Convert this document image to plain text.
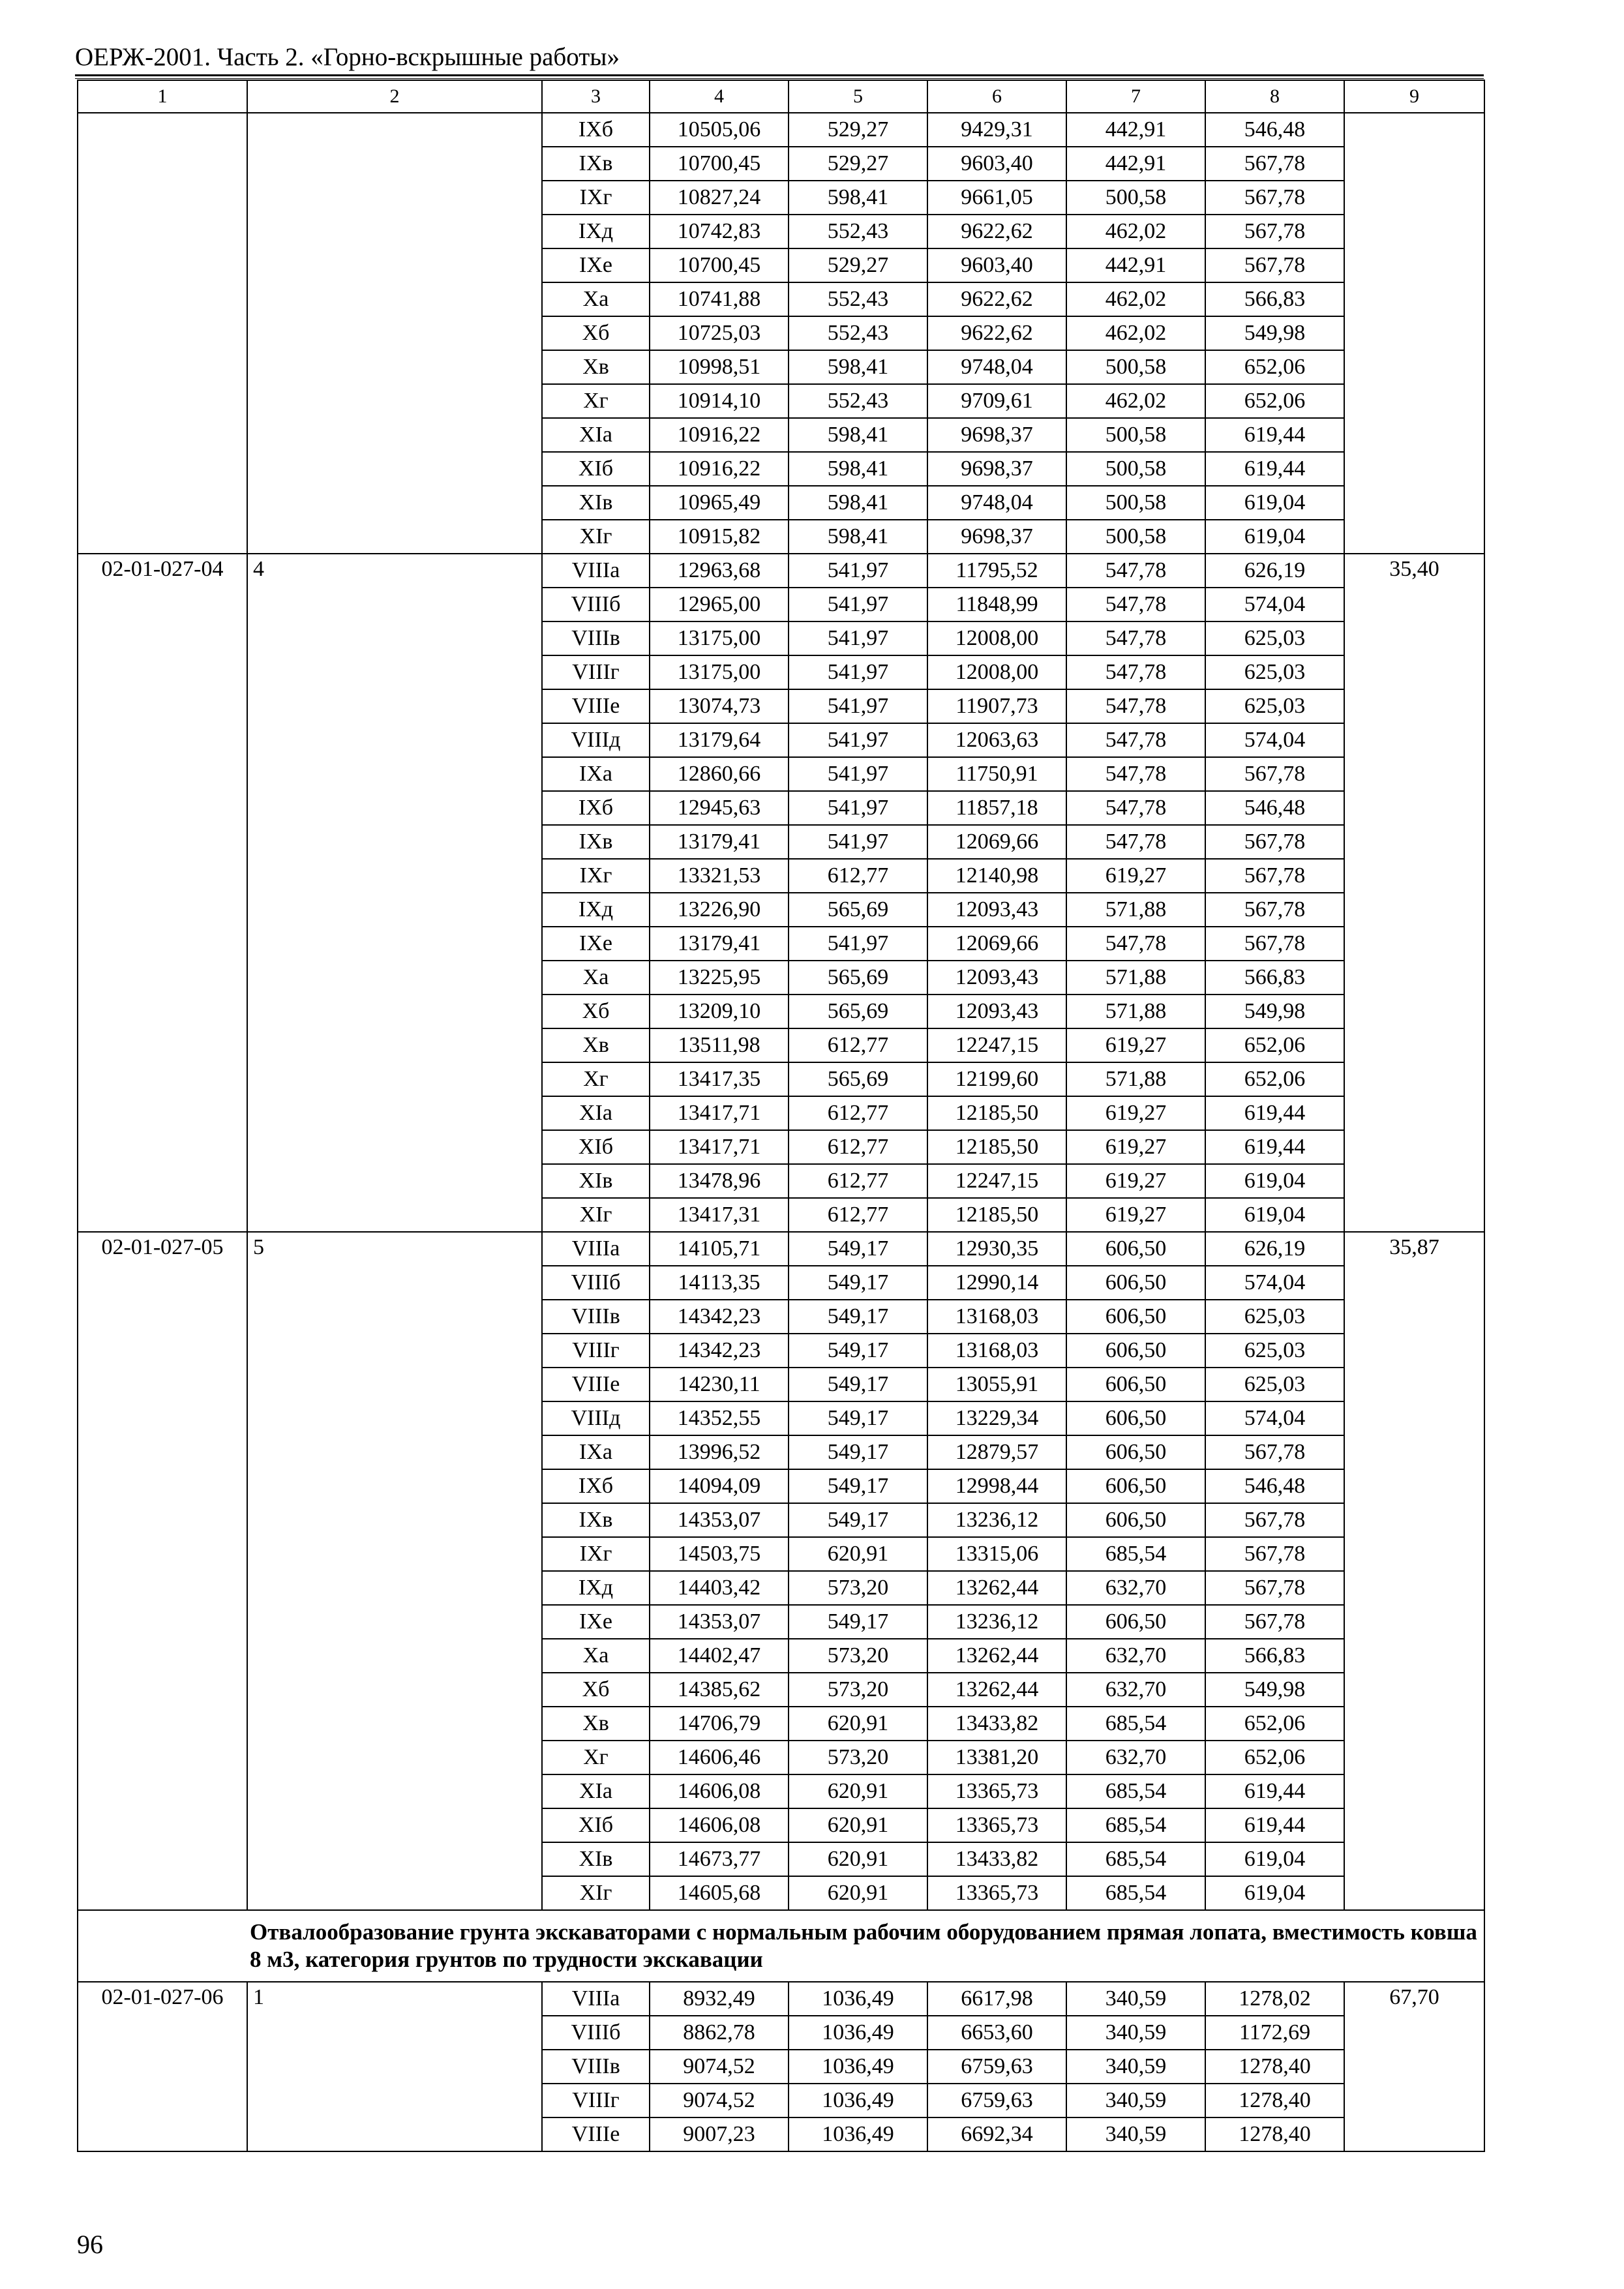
ОЕРЖ-2001. Часть 2. «Горно-вскрышные работы»
1	2	3	4	5	6	7	8	9
		IXб	10505,06	529,27	9429,31	442,91	546,48	
		IXв	10700,45	529,27	9603,40	442,91	567,78	
		IXг	10827,24	598,41	9661,05	500,58	567,78	
		IXд	10742,83	552,43	9622,62	462,02	567,78	
		IXе	10700,45	529,27	9603,40	442,91	567,78	
		Xа	10741,88	552,43	9622,62	462,02	566,83	
		Xб	10725,03	552,43	9622,62	462,02	549,98	
		Xв	10998,51	598,41	9748,04	500,58	652,06	
		Xг	10914,10	552,43	9709,61	462,02	652,06	
		XIа	10916,22	598,41	9698,37	500,58	619,44	
		XIб	10916,22	598,41	9698,37	500,58	619,44	
		XIв	10965,49	598,41	9748,04	500,58	619,04	
		XIг	10915,82	598,41	9698,37	500,58	619,04	
02-01-027-04	4	VIIIа	12963,68	541,97	11795,52	547,78	626,19	35,40
		VIIIб	12965,00	541,97	11848,99	547,78	574,04	
		VIIIв	13175,00	541,97	12008,00	547,78	625,03	
		VIIIг	13175,00	541,97	12008,00	547,78	625,03	
		VIIIе	13074,73	541,97	11907,73	547,78	625,03	
		VIIIд	13179,64	541,97	12063,63	547,78	574,04	
		IXа	12860,66	541,97	11750,91	547,78	567,78	
		IXб	12945,63	541,97	11857,18	547,78	546,48	
		IXв	13179,41	541,97	12069,66	547,78	567,78	
		IXг	13321,53	612,77	12140,98	619,27	567,78	
		IXд	13226,90	565,69	12093,43	571,88	567,78	
		IXе	13179,41	541,97	12069,66	547,78	567,78	
		Xа	13225,95	565,69	12093,43	571,88	566,83	
		Xб	13209,10	565,69	12093,43	571,88	549,98	
		Xв	13511,98	612,77	12247,15	619,27	652,06	
		Xг	13417,35	565,69	12199,60	571,88	652,06	
		XIа	13417,71	612,77	12185,50	619,27	619,44	
		XIб	13417,71	612,77	12185,50	619,27	619,44	
		XIв	13478,96	612,77	12247,15	619,27	619,04	
		XIг	13417,31	612,77	12185,50	619,27	619,04	
02-01-027-05	5	VIIIа	14105,71	549,17	12930,35	606,50	626,19	35,87
		VIIIб	14113,35	549,17	12990,14	606,50	574,04	
		VIIIв	14342,23	549,17	13168,03	606,50	625,03	
		VIIIг	14342,23	549,17	13168,03	606,50	625,03	
		VIIIе	14230,11	549,17	13055,91	606,50	625,03	
		VIIIд	14352,55	549,17	13229,34	606,50	574,04	
		IXа	13996,52	549,17	12879,57	606,50	567,78	
		IXб	14094,09	549,17	12998,44	606,50	546,48	
		IXв	14353,07	549,17	13236,12	606,50	567,78	
		IXг	14503,75	620,91	13315,06	685,54	567,78	
		IXд	14403,42	573,20	13262,44	632,70	567,78	
		IXе	14353,07	549,17	13236,12	606,50	567,78	
		Xа	14402,47	573,20	13262,44	632,70	566,83	
		Xб	14385,62	573,20	13262,44	632,70	549,98	
		Xв	14706,79	620,91	13433,82	685,54	652,06	
		Xг	14606,46	573,20	13381,20	632,70	652,06	
		XIа	14606,08	620,91	13365,73	685,54	619,44	
		XIб	14606,08	620,91	13365,73	685,54	619,44	
		XIв	14673,77	620,91	13433,82	685,54	619,04	
		XIг	14605,68	620,91	13365,73	685,54	619,04	
Отвалообразование грунта экскаваторами с нормальным рабочим оборудованием прямая лопата, вместимость ковша 8 м3, категория грунтов по трудности экскавации								
02-01-027-06	1	VIIIа	8932,49	1036,49	6617,98	340,59	1278,02	67,70
		VIIIб	8862,78	1036,49	6653,60	340,59	1172,69	
		VIIIв	9074,52	1036,49	6759,63	340,59	1278,40	
		VIIIг	9074,52	1036,49	6759,63	340,59	1278,40	
		VIIIе	9007,23	1036,49	6692,34	340,59	1278,40	
96
